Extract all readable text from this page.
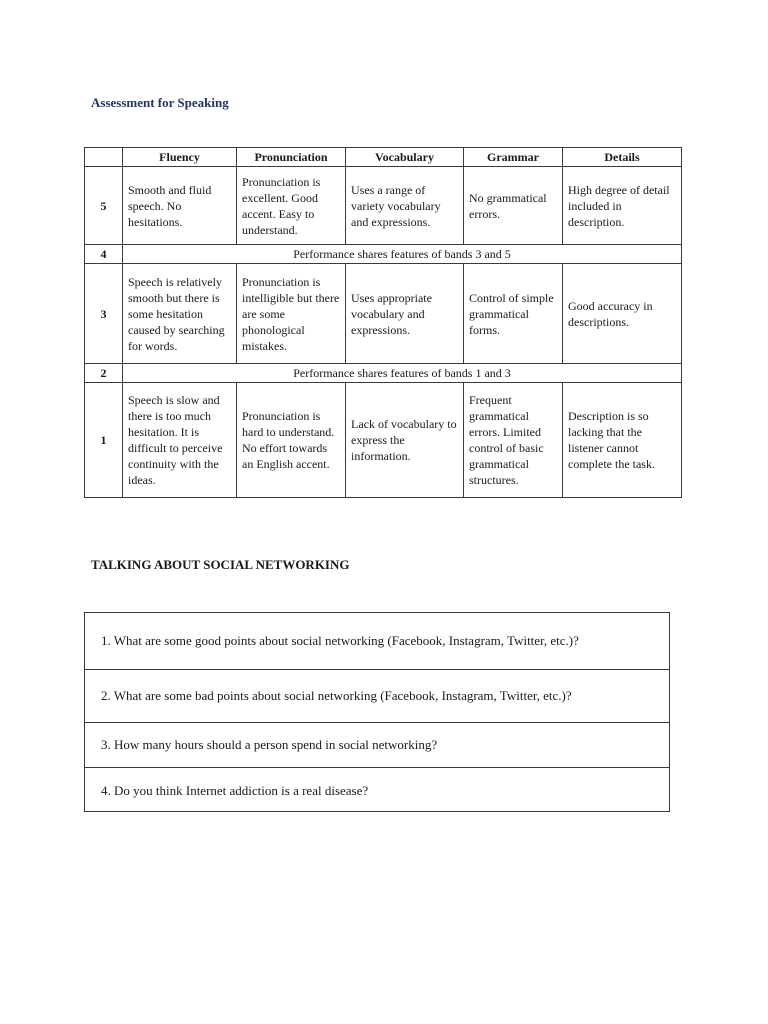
Assessment for Speaking
	Fluency	Pronunciation	Vocabulary	Grammar	Details
5	Smooth and fluid speech. No hesitations.	Pronunciation is excellent. Good accent. Easy to understand.	Uses a range of variety vocabulary and expressions.	No grammatical errors.	High degree of detail included in description.
4	Performance shares features of bands 3 and 5				
3	Speech is relatively smooth but there is some hesitation caused by searching for words.	Pronunciation is intelligible but there are some phonological mistakes.	Uses appropriate vocabulary and expressions.	Control of simple grammatical forms.	Good accuracy in descriptions.
2	Performance shares features of bands 1 and 3				
1	Speech is slow and there is too much hesitation. It is difficult to perceive continuity with the ideas.	Pronunciation is hard to understand. No effort towards an English accent.	Lack of vocabulary to express the information.	Frequent grammatical errors. Limited control of basic grammatical structures.	Description is so lacking that the listener cannot complete the task.
TALKING ABOUT SOCIAL NETWORKING
1. What are some good points about social networking (Facebook, Instagram, Twitter, etc.)?
2. What are some bad points about social networking (Facebook, Instagram, Twitter, etc.)?
3. How many hours should a person spend in social networking?
4. Do you think Internet addiction is a real disease?
